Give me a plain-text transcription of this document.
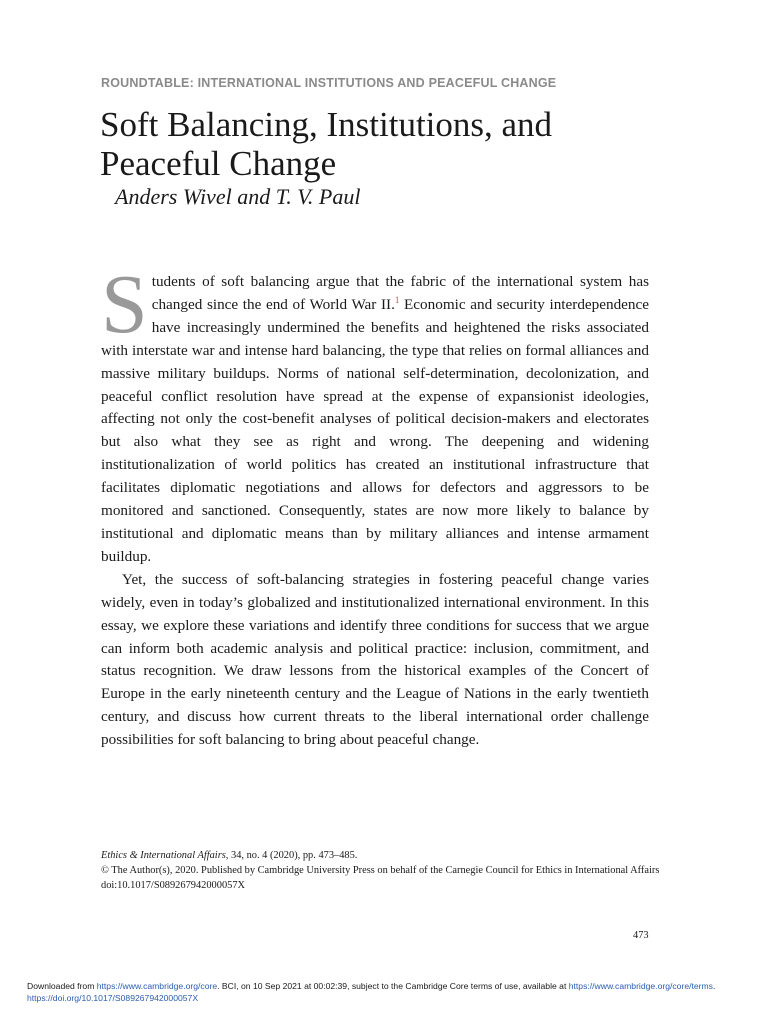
ROUNDTABLE: INTERNATIONAL INSTITUTIONS AND PEACEFUL CHANGE
Soft Balancing, Institutions, and
Peaceful Change
Anders Wivel and T. V. Paul

Students of soft balancing argue that the fabric of the international system has changed since the end of World War II.$^1$ Economic and security interdependence have increasingly undermined the benefits and heightened the risks associated with interstate war and intense hard balancing, the type that relies on formal alliances and massive military buildups. Norms of national self-determination, decolonization, and peaceful conflict resolution have spread at the expense of expansionist ideologies, affecting not only the cost-benefit analyses of political decision-makers and electorates but also what they see as right and wrong. The deepening and widening institutionalization of world politics has created an institutional infrastructure that facilitates diplomatic negotiations and allows for defectors and aggressors to be monitored and sanctioned. Consequently, states are now more likely to balance by institutional and diplomatic means than by military alliances and intense armament buildup.

Yet, the success of soft-balancing strategies in fostering peaceful change varies widely, even in today’s globalized and institutionalized international environment. In this essay, we explore these variations and identify three conditions for success that we argue can inform both academic analysis and political practice: inclusion, commitment, and status recognition. We draw lessons from the historical examples of the Concert of Europe in the early nineteenth century and the League of Nations in the early twentieth century, and discuss how current threats to the liberal international order challenge possibilities for soft balancing to bring about peaceful change.

Ethics & International Affairs, 34, no. 4 (2020), pp. 473–485.
© The Author(s), 2020. Published by Cambridge University Press on behalf of the Carnegie Council for Ethics in International Affairs
doi:10.1017/S089267942000057X
473
Downloaded from https://www.cambridge.org/core. BCI, on 10 Sep 2021 at 00:02:39, subject to the Cambridge Core terms of use, available at https://www.cambridge.org/core/terms. https://doi.org/10.1017/S089267942000057X
